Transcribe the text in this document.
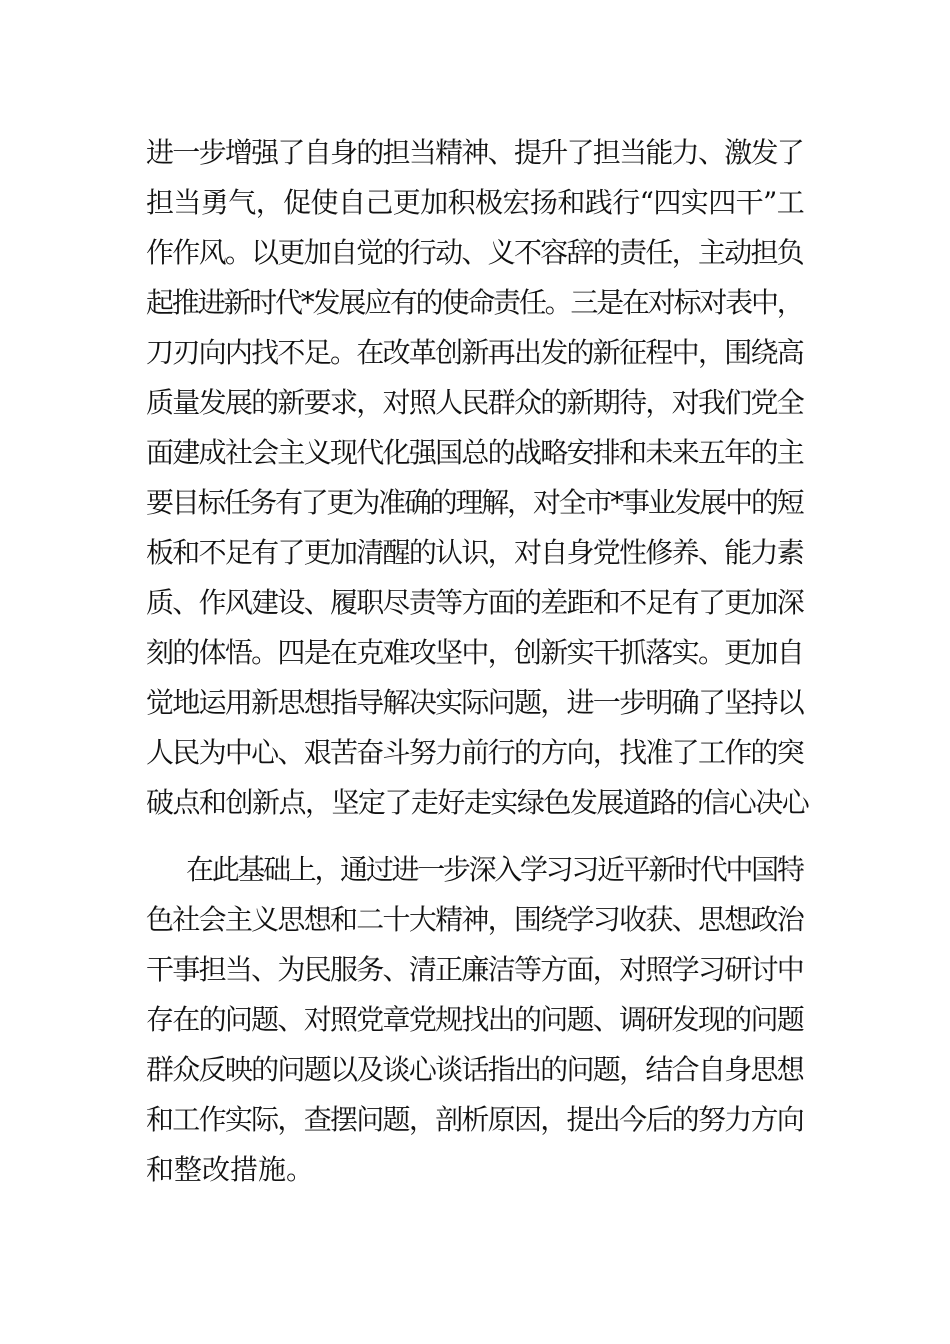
进一步增强了自身的担当精神、提升了担当能力、激发了
担当勇气，促使自己更加积极宏扬和践行“四实四干”工
作作风。以更加自觉的行动、义不容辞的责任，主动担负
起推进新时代*发展应有的使命责任。三是在对标对表中，
刀刃向内找不足。在改革创新再出发的新征程中，围绕高
质量发展的新要求，对照人民群众的新期待，对我们党全
面建成社会主义现代化强国总的战略安排和未来五年的主
要目标任务有了更为准确的理解，对全市*事业发展中的短
板和不足有了更加清醒的认识，对自身党性修养、能力素
质、作风建设、履职尽责等方面的差距和不足有了更加深
刻的体悟。四是在克难攻坚中，创新实干抓落实。更加自
觉地运用新思想指导解决实际问题，进一步明确了坚持以
人民为中心、艰苦奋斗努力前行的方向，找准了工作的突
破点和创新点，坚定了走好走实绿色发展道路的信心决心
在此基础上，通过进一步深入学习习近平新时代中国特
色社会主义思想和二十大精神，围绕学习收获、思想政治
干事担当、为民服务、清正廉洁等方面，对照学习研讨中
存在的问题、对照党章党规找出的问题、调研发现的问题
群众反映的问题以及谈心谈话指出的问题，结合自身思想
和工作实际，查摆问题，剖析原因，提出今后的努力方向
和整改措施。
